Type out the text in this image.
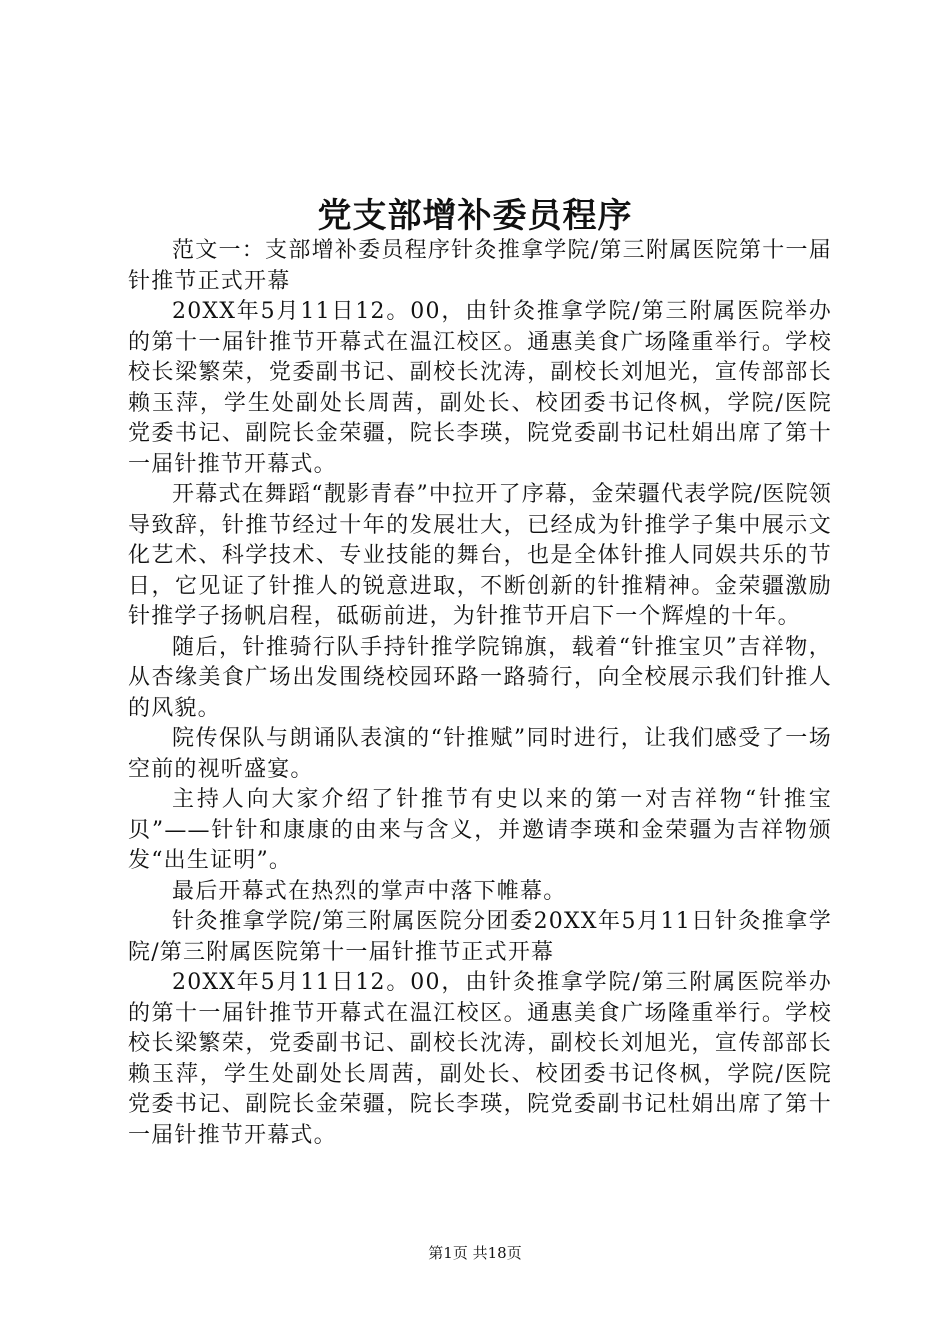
党支部增补委员程序

范文一：支部增补委员程序针灸推拿学院/第三附属医院第十一届针推节正式开幕

20XX年5月11日12。00，由针灸推拿学院/第三附属医院举办的第十一届针推节开幕式在温江校区。通惠美食广场隆重举行。学校校长梁繁荣，党委副书记、副校长沈涛，副校长刘旭光，宣传部部长赖玉萍，学生处副处长周茜，副处长、校团委书记佟枫，学院/医院党委书记、副院长金荣疆，院长李瑛，院党委副书记杜娟出席了第十一届针推节开幕式。

开幕式在舞蹈“靓影青春”中拉开了序幕，金荣疆代表学院/医院领导致辞，针推节经过十年的发展壮大，已经成为针推学子集中展示文化艺术、科学技术、专业技能的舞台，也是全体针推人同娱共乐的节日，它见证了针推人的锐意进取，不断创新的针推精神。金荣疆激励针推学子扬帆启程，砥砺前进，为针推节开启下一个辉煌的十年。

随后，针推骑行队手持针推学院锦旗，载着“针推宝贝”吉祥物，从杏缘美食广场出发围绕校园环路一路骑行，向全校展示我们针推人的风貌。

院传保队与朗诵队表演的“针推赋”同时进行，让我们感受了一场空前的视听盛宴。

主持人向大家介绍了针推节有史以来的第一对吉祥物“针推宝贝”——针针和康康的由来与含义，并邀请李瑛和金荣疆为吉祥物颁发“出生证明”。

最后开幕式在热烈的掌声中落下帷幕。

针灸推拿学院/第三附属医院分团委20XX年5月11日针灸推拿学院/第三附属医院第十一届针推节正式开幕

20XX年5月11日12。00，由针灸推拿学院/第三附属医院举办的第十一届针推节开幕式在温江校区。通惠美食广场隆重举行。学校校长梁繁荣，党委副书记、副校长沈涛，副校长刘旭光，宣传部部长赖玉萍，学生处副处长周茜，副处长、校团委书记佟枫，学院/医院党委书记、副院长金荣疆，院长李瑛，院党委副书记杜娟出席了第十一届针推节开幕式。

第1页 共18页
